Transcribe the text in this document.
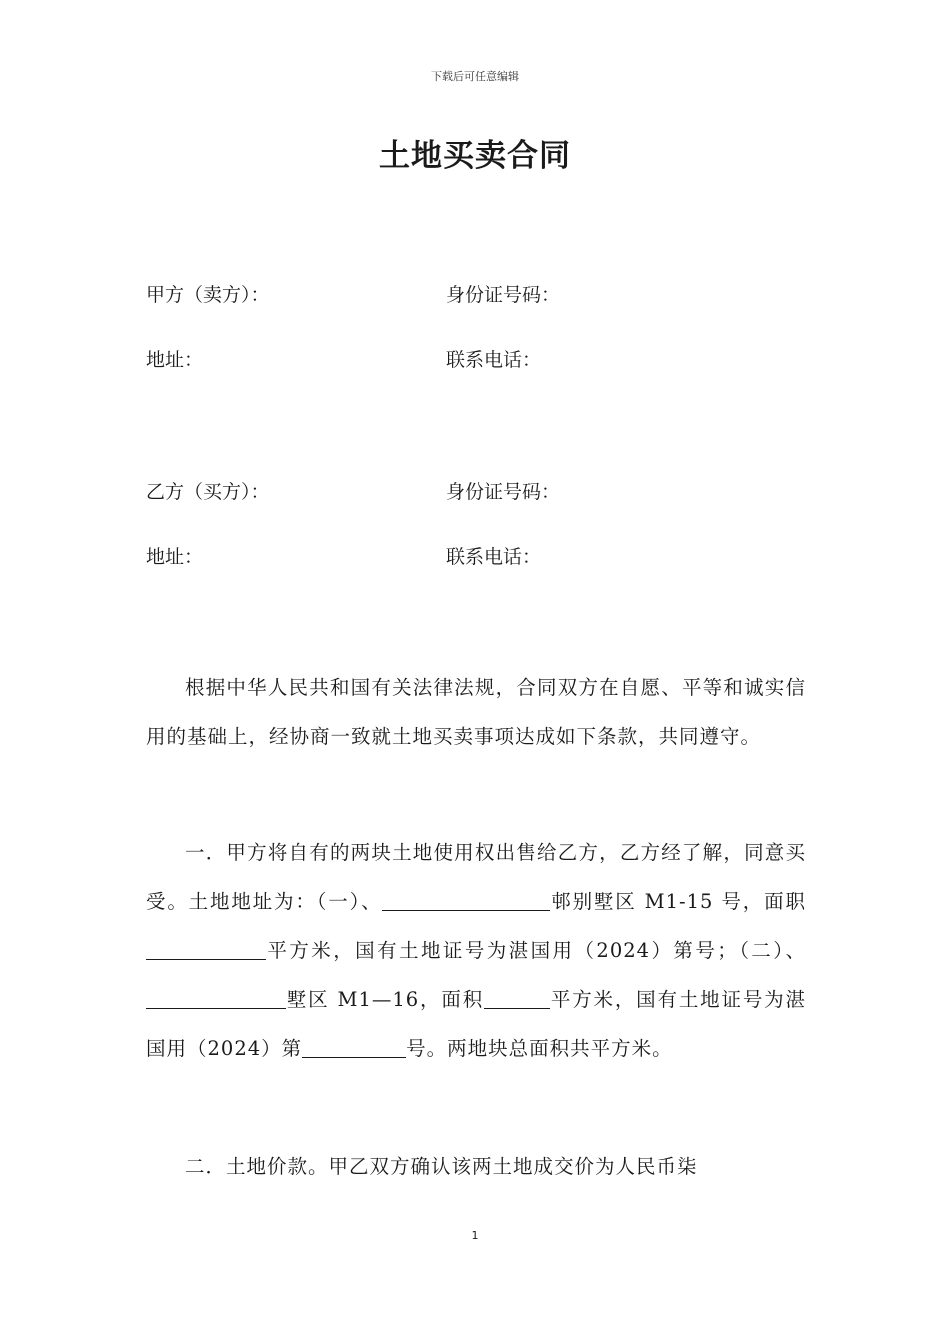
下载后可任意编辑
土地买卖合同
甲方（卖方）：	身份证号码：
地址：	联系电话：
乙方（买方）：	身份证号码：
地址：	联系电话：
根据中华人民共和国有关法律法规，合同双方在自愿、平等和诚实信用的基础上，经协商一致就土地买卖事项达成如下条款，共同遵守。
一．甲方将自有的两块土地使用权出售给乙方，乙方经了解，同意买受。土地地址为：（一）、	邨别墅区 M1-15 号，面职平方米，国有土地证号为湛国用（2024）第号；（二）、墅区 M1—16，面积	平方米，国有土地证号为湛国用（2024）第	号。两地块总面积共平方米。
二．土地价款。甲乙双方确认该两土地成交价为人民币柒
1
